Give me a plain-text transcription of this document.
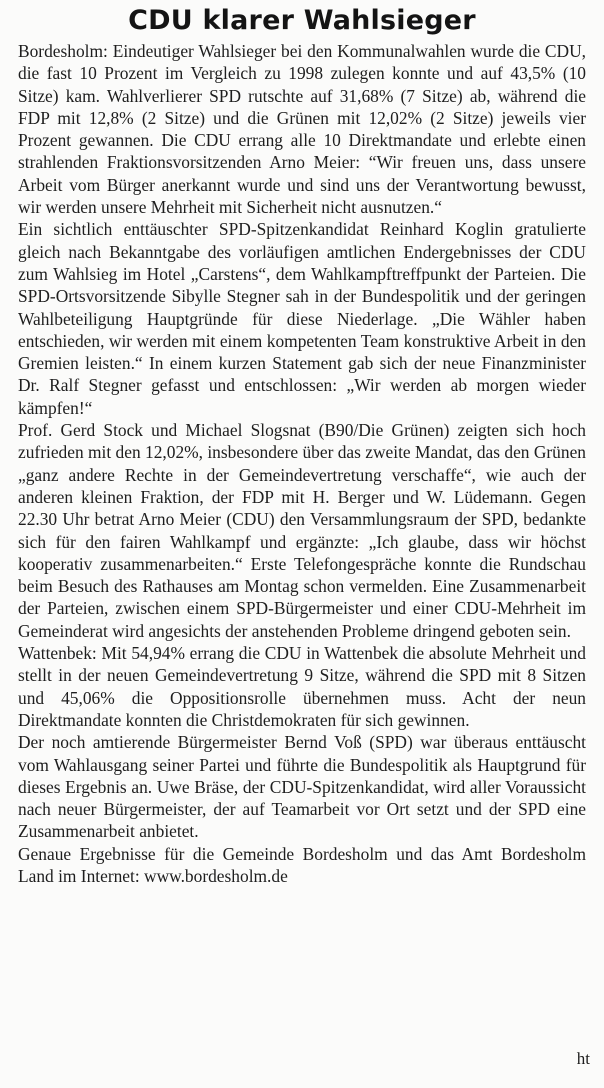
CDU klarer Wahlsieger

Bordesholm: Eindeutiger Wahlsieger bei den Kommunalwahlen wurde die CDU, die fast 10 Prozent im Vergleich zu 1998 zulegen konnte und auf 43,5% (10 Sitze) kam. Wahlverlierer SPD rutschte auf 31,68% (7 Sitze) ab, während die FDP mit 12,8% (2 Sitze) und die Grünen mit 12,02% (2 Sitze) jeweils vier Prozent gewannen. Die CDU errang alle 10 Direktmandate und erlebte einen strahlenden Fraktionsvorsitzenden Arno Meier: “Wir freuen uns, dass unsere Arbeit vom Bürger anerkannt wurde und sind uns der Verantwortung bewusst, wir werden unsere Mehrheit mit Sicherheit nicht ausnutzen.“

Ein sichtlich enttäuschter SPD-Spitzenkandidat Reinhard Koglin gratulierte gleich nach Bekanntgabe des vorläufigen amtlichen Endergebnisses der CDU zum Wahlsieg im Hotel „Carstens“, dem Wahlkampftreffpunkt der Parteien. Die SPD-Ortsvorsitzende Sibylle Stegner sah in der Bundespolitik und der geringen Wahlbeteiligung Hauptgründe für diese Niederlage. „Die Wähler haben entschieden, wir werden mit einem kompetenten Team konstruktive Arbeit in den Gremien leisten.“ In einem kurzen Statement gab sich der neue Finanzminister Dr. Ralf Stegner gefasst und entschlossen: „Wir werden ab morgen wieder kämpfen!“

Prof. Gerd Stock und Michael Slogsnat (B90/Die Grünen) zeigten sich hoch zufrieden mit den 12,02%, insbesondere über das zweite Mandat, das den Grünen „ganz andere Rechte in der Gemeindevertretung verschaffe“, wie auch der anderen kleinen Fraktion, der FDP mit H. Berger und W. Lüdemann. Gegen 22.30 Uhr betrat Arno Meier (CDU) den Versammlungsraum der SPD, bedankte sich für den fairen Wahlkampf und ergänzte: „Ich glaube, dass wir höchst kooperativ zusammenarbeiten.“ Erste Telefongespräche konnte die Rundschau beim Besuch des Rathauses am Montag schon vermelden. Eine Zusammenarbeit der Parteien, zwischen einem SPD-Bürgermeister und einer CDU-Mehrheit im Gemeinderat wird angesichts der anstehenden Probleme dringend geboten sein.

Wattenbek: Mit 54,94% errang die CDU in Wattenbek die absolute Mehrheit und stellt in der neuen Gemeindevertretung 9 Sitze, während die SPD mit 8 Sitzen und 45,06% die Oppositionsrolle übernehmen muss. Acht der neun Direktmandate konnten die Christdemokraten für sich gewinnen.

Der noch amtierende Bürgermeister Bernd Voß (SPD) war überaus enttäuscht vom Wahlausgang seiner Partei und führte die Bundespolitik als Hauptgrund für dieses Ergebnis an. Uwe Bräse, der CDU-Spitzenkandidat, wird aller Voraussicht nach neuer Bürgermeister, der auf Teamarbeit vor Ort setzt und der SPD eine Zusammenarbeit anbietet.

Genaue Ergebnisse für die Gemeinde Bordesholm und das Amt Bordesholm Land im Internet: www.bordesholm.de

ht
